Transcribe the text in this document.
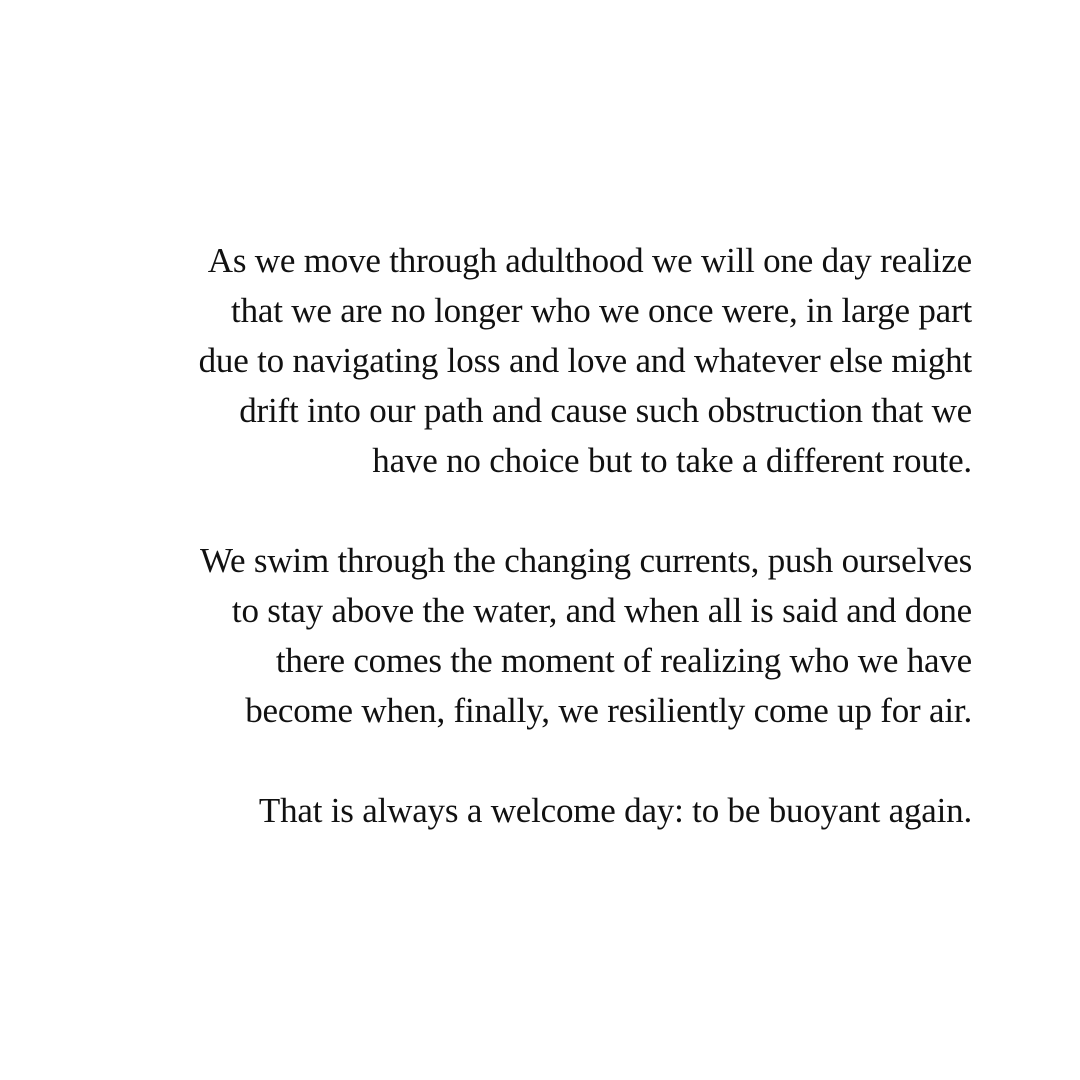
As we move through adulthood we will one day realize
that we are no longer who we once were, in large part
due to navigating loss and love and whatever else might
drift into our path and cause such obstruction that we
have no choice but to take a different route.

We swim through the changing currents, push ourselves
to stay above the water, and when all is said and done
there comes the moment of realizing who we have
become when, finally, we resiliently come up for air.

That is always a welcome day: to be buoyant again.
